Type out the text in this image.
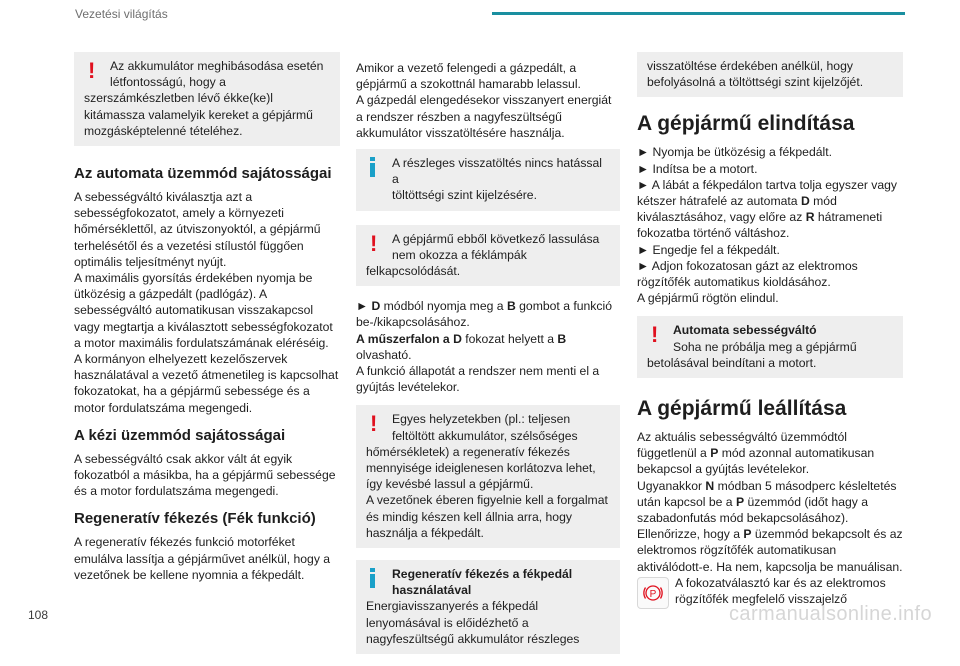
Vezetési világítás
! Az akkumulátor meghibásodása esetén
létfontosságú, hogy a
szerszámkészletben lévő ékke(ke)l kitámassza valamelyik kereket a gépjármű mozgásképtelenné tételéhez.
Az automata üzemmód sajátosságai

A sebességváltó kiválasztja azt a sebességfokozatot, amely a környezeti hőmérséklettől, az útviszonyoktól, a gépjármű terhelésétől és a vezetési stílustól függően optimális teljesítményt nyújt.
A maximális gyorsítás érdekében nyomja be ütközésig a gázpedált (padlógáz). A sebességváltó automatikusan visszakapcsol vagy megtartja a kiválasztott sebességfokozatot a motor maximális fordulatszámának eléréséig.
A kormányon elhelyezett kezelőszervek használatával a vezető átmenetileg is kapcsolhat fokozatokat, ha a gépjármű sebessége és a motor fordulatszáma megengedi.

A kézi üzemmód sajátosságai

A sebességváltó csak akkor vált át egyik fokozatból a másikba, ha a gépjármű sebessége és a motor fordulatszáma megengedi.

Regeneratív fékezés (Fék funkció)

A regeneratív fékezés funkció motorféket emulálva lassítja a gépjárművet anélkül, hogy a vezetőnek be kellene nyomnia a fékpedált.

Amikor a vezető felengedi a gázpedált, a gépjármű a szokottnál hamarabb lelassul.
A gázpedál elengedésekor visszanyert energiát a rendszer részben a nagyfeszültségű akkumulátor visszatöltésére használja.

A részleges visszatöltés nincs hatással a
töltöttségi szint kijelzésére.
! A gépjármű ebből következő lassulása
nem okozza a féklámpák
felkapcsolódását.

► D módból nyomja meg a B gombot a funkció be-/kikapcsolásához.

A műszerfalon a D fokozat helyett a B olvasható.

A funkció állapotát a rendszer nem menti el a gyújtás levételekor.

! Egyes helyzetekben (pl.: teljesen
feltöltött akkumulátor, szélsőséges
hőmérsékletek) a regeneratív fékezés mennyisége ideiglenesen korlátozva lehet, így kevésbé lassul a gépjármű.
A vezetőnek éberen figyelnie kell a forgalmat és mindig készen kell állnia arra, hogy használja a fékpedált.
Regeneratív fékezés a fékpedál
használatával
Energiavisszanyerés a fékpedál lenyomásával is előidézhető a nagyfeszültségű akkumulátor részleges
visszatöltése érdekében anélkül, hogy befolyásolná a töltöttségi szint kijelzőjét.
A gépjármű elindítása
► Nyomja be ütközésig a fékpedált.
► Indítsa be a motort.
► A lábát a fékpedálon tartva tolja egyszer vagy kétszer hátrafelé az automata D mód kiválasztásához, vagy előre az R hátrameneti fokozatba történő váltáshoz.
► Engedje fel a fékpedált.
► Adjon fokozatosan gázt az elektromos rögzítőfék automatikus kioldásához.
A gépjármű rögtön elindul.
! Automata sebességváltó
Soha ne próbálja meg a gépjármű
betolásával beindítani a motort.
A gépjármű leállítása

Az aktuális sebességváltó üzemmódtól függetlenül a P mód azonnal automatikusan bekapcsol a gyújtás levételekor.

Ugyanakkor N módban 5 másodperc késleltetés után kapcsol be a P üzemmód (időt hagy a szabadonfutás mód bekapcsolásához).

Ellenőrizze, hogy a P üzemmód bekapcsolt és az elektromos rögzítőfék automatikusan aktiválódott-e. Ha nem, kapcsolja be manuálisan.

P
A fokozatválasztó kar és az elektromos rögzítőfék megfelelő visszajelző
108	carmanualsonline.info
